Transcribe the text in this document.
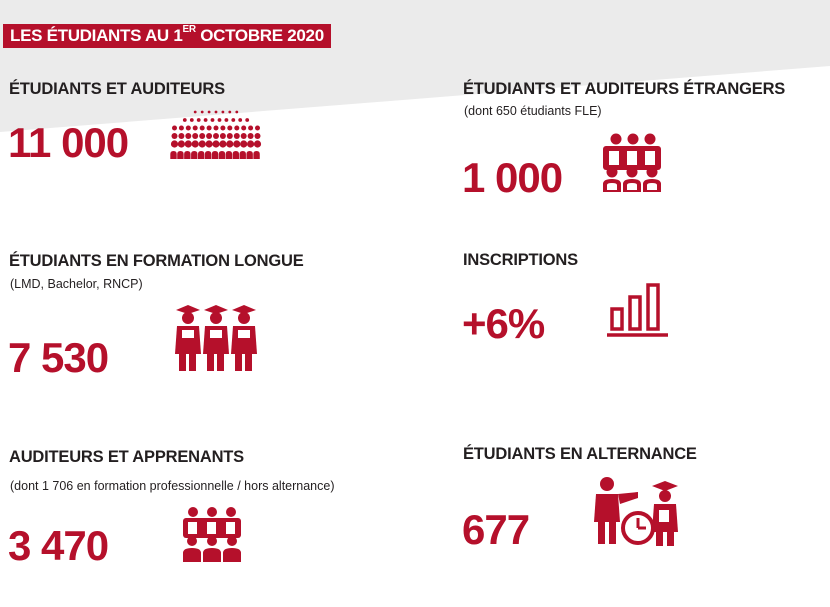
LES ÉTUDIANTS AU 1ER OCTOBRE 2020
ÉTUDIANTS ET AUDITEURS
11 000
ÉTUDIANTS ET AUDITEURS ÉTRANGERS
(dont 650 étudiants FLE)
1 000
ÉTUDIANTS EN FORMATION LONGUE
(LMD, Bachelor, RNCP)
7 530
INSCRIPTIONS
+6%
AUDITEURS ET APPRENANTS
(dont 1 706 en formation professionnelle / hors alternance)
3 470
ÉTUDIANTS EN ALTERNANCE
677
